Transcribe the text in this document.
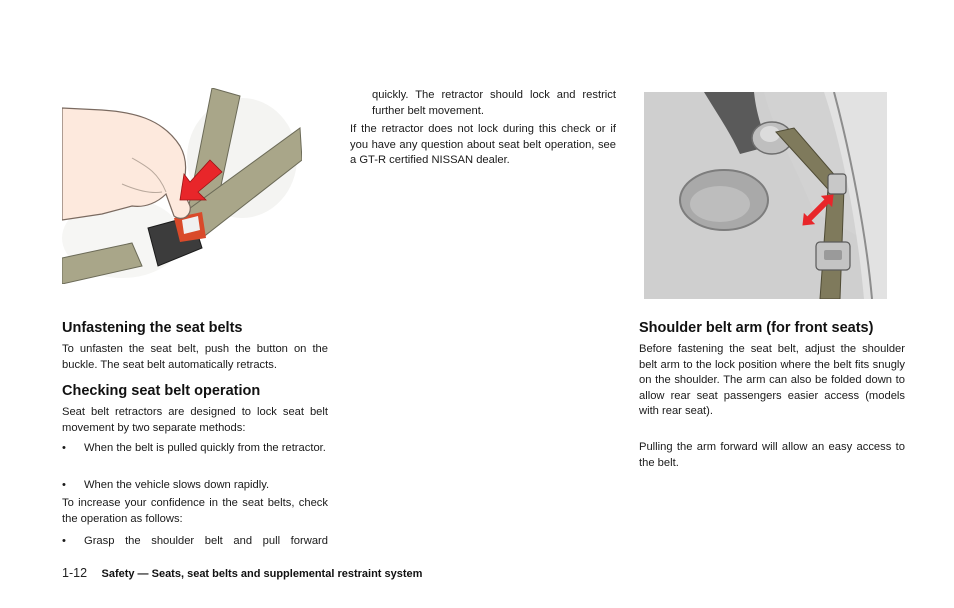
Unfastening the seat belts

To unfasten the seat belt, push the button on the buckle. The seat belt automatically retracts.

Checking seat belt operation

Seat belt retractors are designed to lock seat belt movement by two separate methods:

• When the belt is pulled quickly from the retractor.
• When the vehicle slows down rapidly.

To increase your confidence in the seat belts, check the operation as follows:

• Grasp the shoulder belt and pull forward

quickly. The retractor should lock and restrict further belt movement.

If the retractor does not lock during this check or if you have any question about seat belt operation, see a GT-R certified NISSAN dealer.

Shoulder belt arm (for front seats)

Before fastening the seat belt, adjust the shoulder belt arm to the lock position where the belt fits snugly on the shoulder. The arm can also be folded down to allow rear seat passengers easier access (models with rear seat).

Pulling the arm forward will allow an easy access to the belt.

1-12 Safety — Seats, seat belts and supplemental restraint system
